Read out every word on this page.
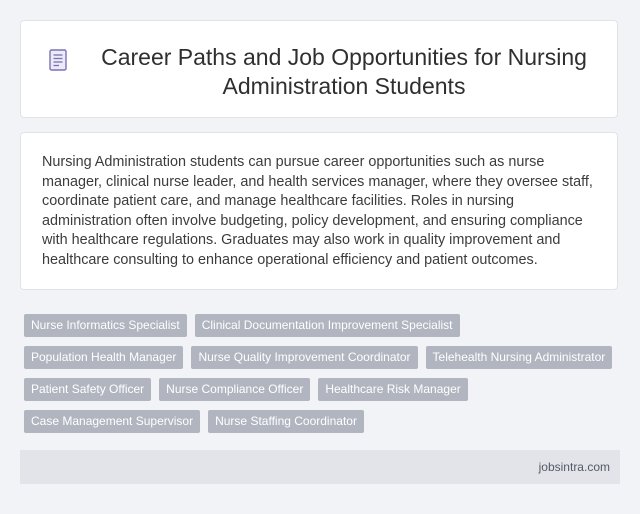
Career Paths and Job Opportunities for Nursing Administration Students

Nursing Administration students can pursue career opportunities such as nurse manager, clinical nurse leader, and health services manager, where they oversee staff, coordinate patient care, and manage healthcare facilities. Roles in nursing administration often involve budgeting, policy development, and ensuring compliance with healthcare regulations. Graduates may also work in quality improvement and healthcare consulting to enhance operational efficiency and patient outcomes.

Nurse Informatics Specialist	Clinical Documentation Improvement Specialist
Population Health Manager	Nurse Quality Improvement Coordinator	Telehealth Nursing Administrator
Patient Safety Officer	Nurse Compliance Officer	Healthcare Risk Manager
Case Management Supervisor	Nurse Staffing Coordinator
jobsintra.com
